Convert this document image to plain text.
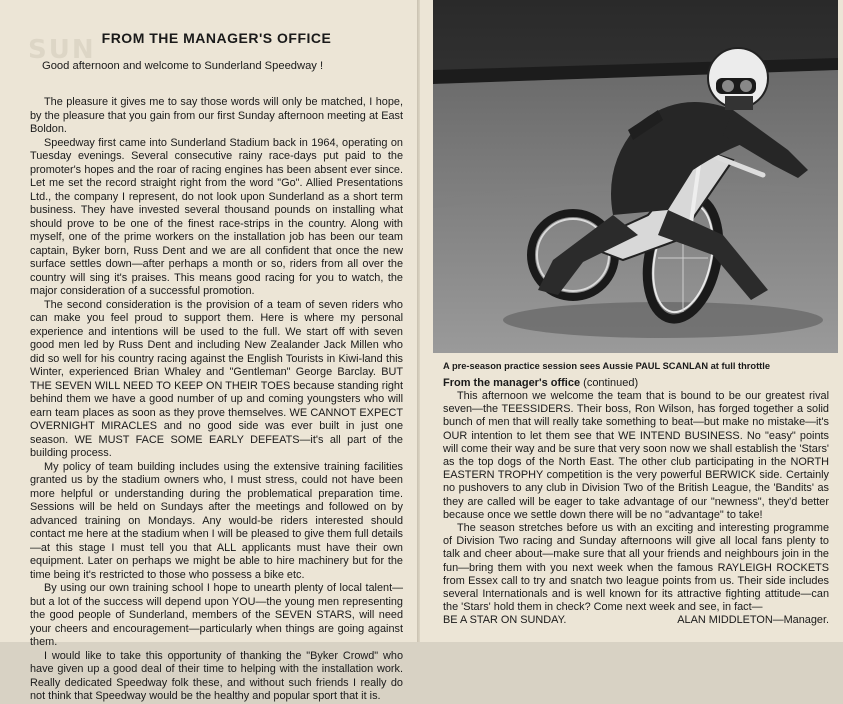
SUN FROM THE MANAGER'S OFFICE

Good afternoon and welcome to Sunderland Speedway !

The pleasure it gives me to say those words will only be matched, I hope, by the pleasure that you gain from our first Sunday afternoon meeting at East Boldon.

Speedway first came into Sunderland Stadium back in 1964, operating on Tuesday evenings. Several consecutive rainy race-days put paid to the promoter's hopes and the roar of racing engines has been absent ever since. Let me set the record straight right from the word "Go". Allied Presentations Ltd., the company I represent, do not look upon Sunderland as a short term business. They have invested several thousand pounds on installing what should prove to be one of the finest race-strips in the country. Along with myself, one of the prime workers on the installation job has been our team captain, Byker born, Russ Dent and we are all confident that once the new surface settles down—after perhaps a month or so, riders from all over the country will sing it's praises. This means good racing for you to watch, the major consideration of a successful promotion.

The second consideration is the provision of a team of seven riders who can make you feel proud to support them. Here is where my personal experience and intentions will be used to the full. We start off with seven good men led by Russ Dent and including New Zealander Jack Millen who did so well for his country racing against the English Tourists in Kiwi-land this Winter, experienced Brian Whaley and "Gentleman" George Barclay. BUT THE SEVEN WILL NEED TO KEEP ON THEIR TOES because standing right behind them we have a good number of up and coming youngsters who will earn team places as soon as they prove themselves. WE CANNOT EXPECT OVERNIGHT MIRACLES and no good side was ever built in just one season. WE MUST FACE SOME EARLY DEFEATS—it's all part of the building process.

My policy of team building includes using the extensive training facilities granted us by the stadium owners who, I must stress, could not have been more helpful or understanding during the problematical preparation time. Sessions will be held on Sundays after the meetings and followed on by advanced training on Mondays. Any would-be riders interested should contact me here at the stadium when I will be pleased to give them full details—at this stage I must tell you that ALL applicants must have their own equipment. Later on perhaps we might be able to hire machinery but for the time being it's restricted to those who possess a bike etc.

By using our own training school I hope to unearth plenty of local talent—but a lot of the success will depend upon YOU—the young men representing the good people of Sunderland, members of the SEVEN STARS, will need your cheers and encouragement—particularly when things are going against them.

I would like to take this opportunity of thanking the "Byker Crowd" who have given up a good deal of their time to helping with the installation work. Really dedicated Speedway folk these, and without such friends I really do not think that Speedway would be the healthy and popular sport that it is.

A pre-season practice session sees Aussie PAUL SCANLAN at full throttle
From the manager's office (continued)

This afternoon we welcome the team that is bound to be our greatest rival seven—the TEESSIDERS. Their boss, Ron Wilson, has forged together a solid bunch of men that will really take something to beat—but make no mistake—it's OUR intention to let them see that WE INTEND BUSINESS. No "easy" points will come their way and be sure that very soon now we shall establish the 'Stars' as the top dogs of the North East. The other club participating in the NORTH EASTERN TROPHY competition is the very powerful BERWICK side. Certainly no pushovers to any club in Division Two of the British League, the 'Bandits' as they are called will be eager to take advantage of our "newness", they'd better because once we settle down there will be no "advantage" to take!

The season stretches before us with an exciting and interesting programme of Division Two racing and Sunday afternoons will give all local fans plenty to talk and cheer about—make sure that all your friends and neighbours join in the fun—bring them with you next week when the famous RAYLEIGH ROCKETS from Essex call to try and snatch two league points from us. Their side includes several Internationals and is well known for its attractive fighting attitude—can the 'Stars' hold them in check? Come next week and see, in fact—

BE A STAR ON SUNDAY.	ALAN MIDDLETON—Manager.
